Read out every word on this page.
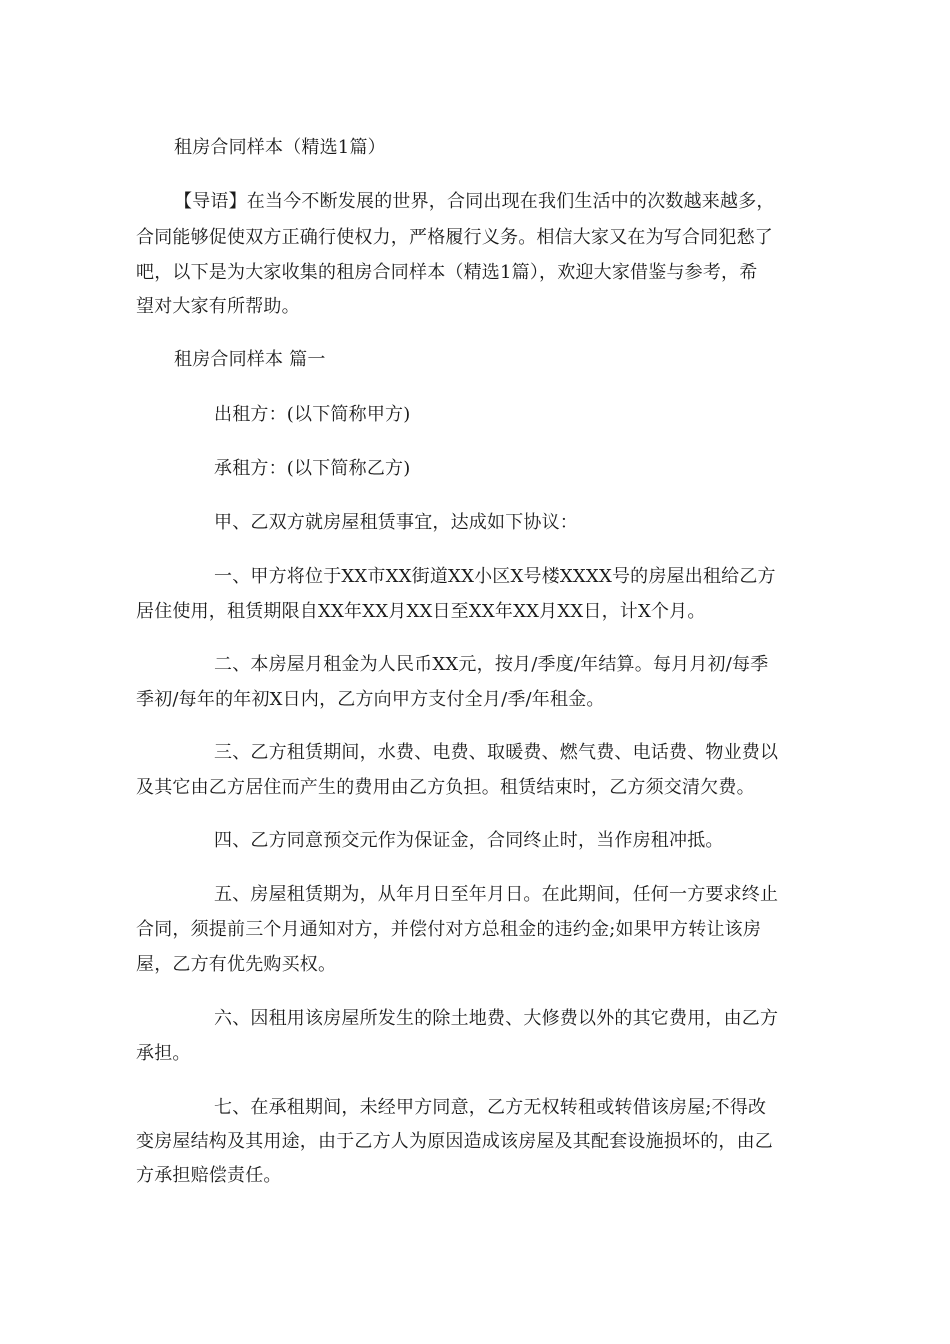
租房合同样本（精选1篇）
【导语】在当今不断发展的世界，合同出现在我们生活中的次数越来越多，
合同能够促使双方正确行使权力，严格履行义务。相信大家又在为写合同犯愁了
吧，以下是为大家收集的租房合同样本（精选1篇），欢迎大家借鉴与参考，希
望对大家有所帮助。
租房合同样本 篇一
出租方：(以下简称甲方)
承租方：(以下简称乙方)
甲、乙双方就房屋租赁事宜，达成如下协议：
一、甲方将位于XX市XX街道XX小区X号楼XXXX号的房屋出租给乙方
居住使用，租赁期限自XX年XX月XX日至XX年XX月XX日，计X个月。
二、本房屋月租金为人民币XX元，按月/季度/年结算。每月月初/每季
季初/每年的年初X日内，乙方向甲方支付全月/季/年租金。
三、乙方租赁期间，水费、电费、取暖费、燃气费、电话费、物业费以
及其它由乙方居住而产生的费用由乙方负担。租赁结束时，乙方须交清欠费。
四、乙方同意预交元作为保证金，合同终止时，当作房租冲抵。
五、房屋租赁期为，从年月日至年月日。在此期间，任何一方要求终止
合同，须提前三个月通知对方，并偿付对方总租金的违约金;如果甲方转让该房
屋，乙方有优先购买权。
六、因租用该房屋所发生的除土地费、大修费以外的其它费用，由乙方
承担。
七、在承租期间，未经甲方同意，乙方无权转租或转借该房屋;不得改
变房屋结构及其用途，由于乙方人为原因造成该房屋及其配套设施损坏的，由乙
方承担赔偿责任。
